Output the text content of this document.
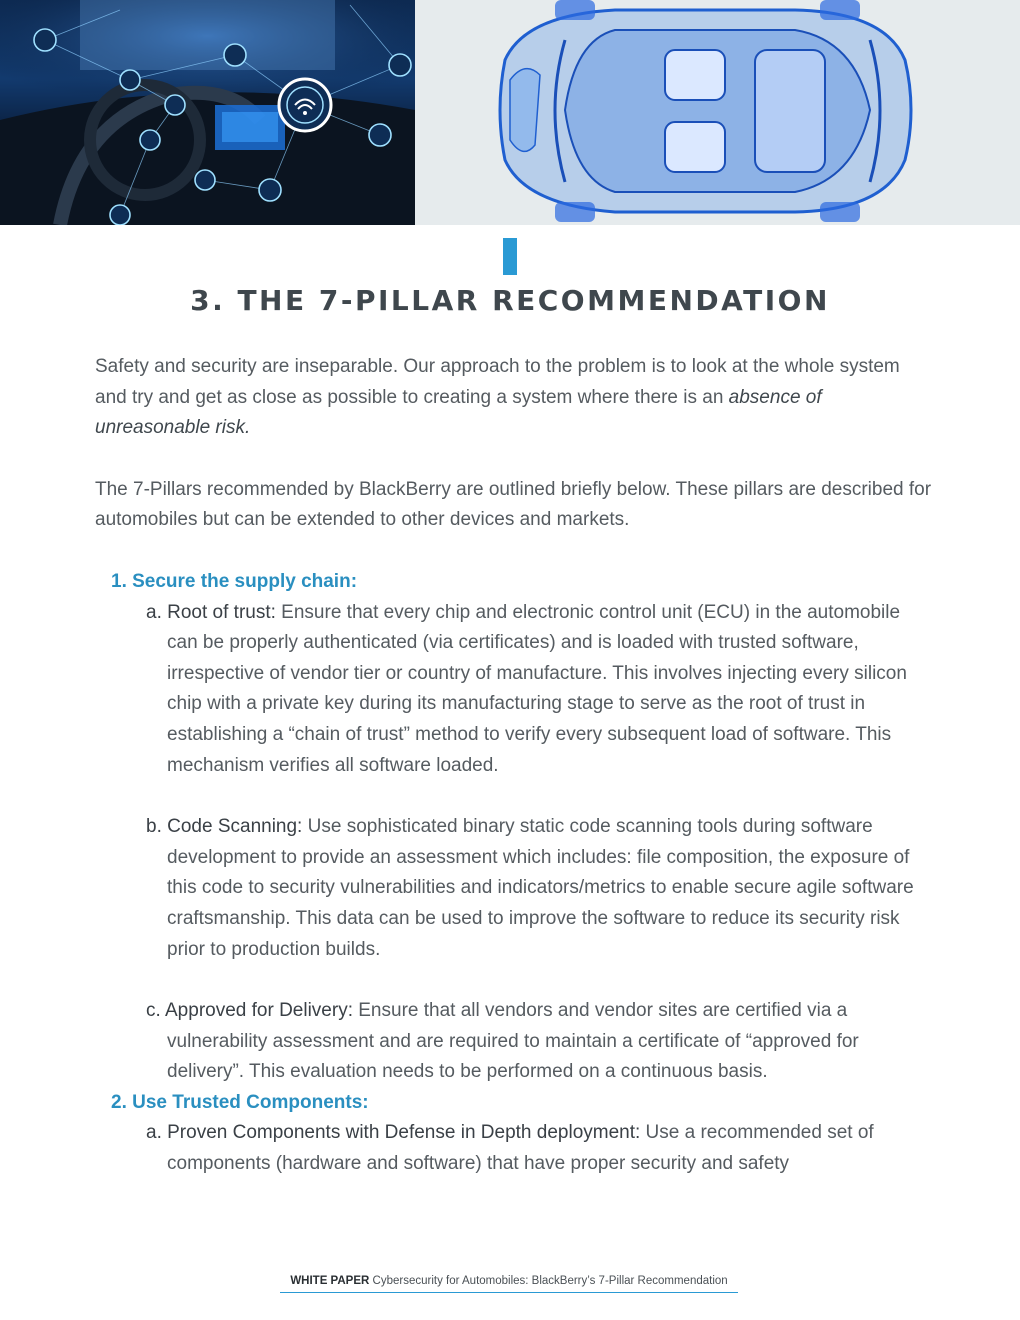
3. THE 7-PILLAR RECOMMENDATION

Safety and security are inseparable. Our approach to the problem is to look at the whole system and try and get as close as possible to creating a system where there is an absence of unreasonable risk.

The 7-Pillars recommended by BlackBerry are outlined briefly below. These pillars are described for automobiles but can be extended to other devices and markets.

1. Secure the supply chain:

a. Root of trust: Ensure that every chip and electronic control unit (ECU) in the automobile can be properly authenticated (via certificates) and is loaded with trusted software, irrespective of vendor tier or country of manufacture. This involves injecting every silicon chip with a private key during its manufacturing stage to serve as the root of trust in establishing a “chain of trust” method to verify every subsequent load of software. This mechanism verifies all software loaded.

b. Code Scanning: Use sophisticated binary static code scanning tools during software development to provide an assessment which includes: file composition, the exposure of this code to security vulnerabilities and indicators/metrics to enable secure agile software craftsmanship. This data can be used to improve the software to reduce its security risk prior to production builds.

c. Approved for Delivery: Ensure that all vendors and vendor sites are certified via a vulnerability assessment and are required to maintain a certificate of “approved for delivery”. This evaluation needs to be performed on a continuous basis.

2. Use Trusted Components:

a. Proven Components with Defense in Depth deployment: Use a recommended set of components (hardware and software) that have proper security and safety

WHITE PAPER Cybersecurity for Automobiles: BlackBerry’s 7-Pillar Recommendation
